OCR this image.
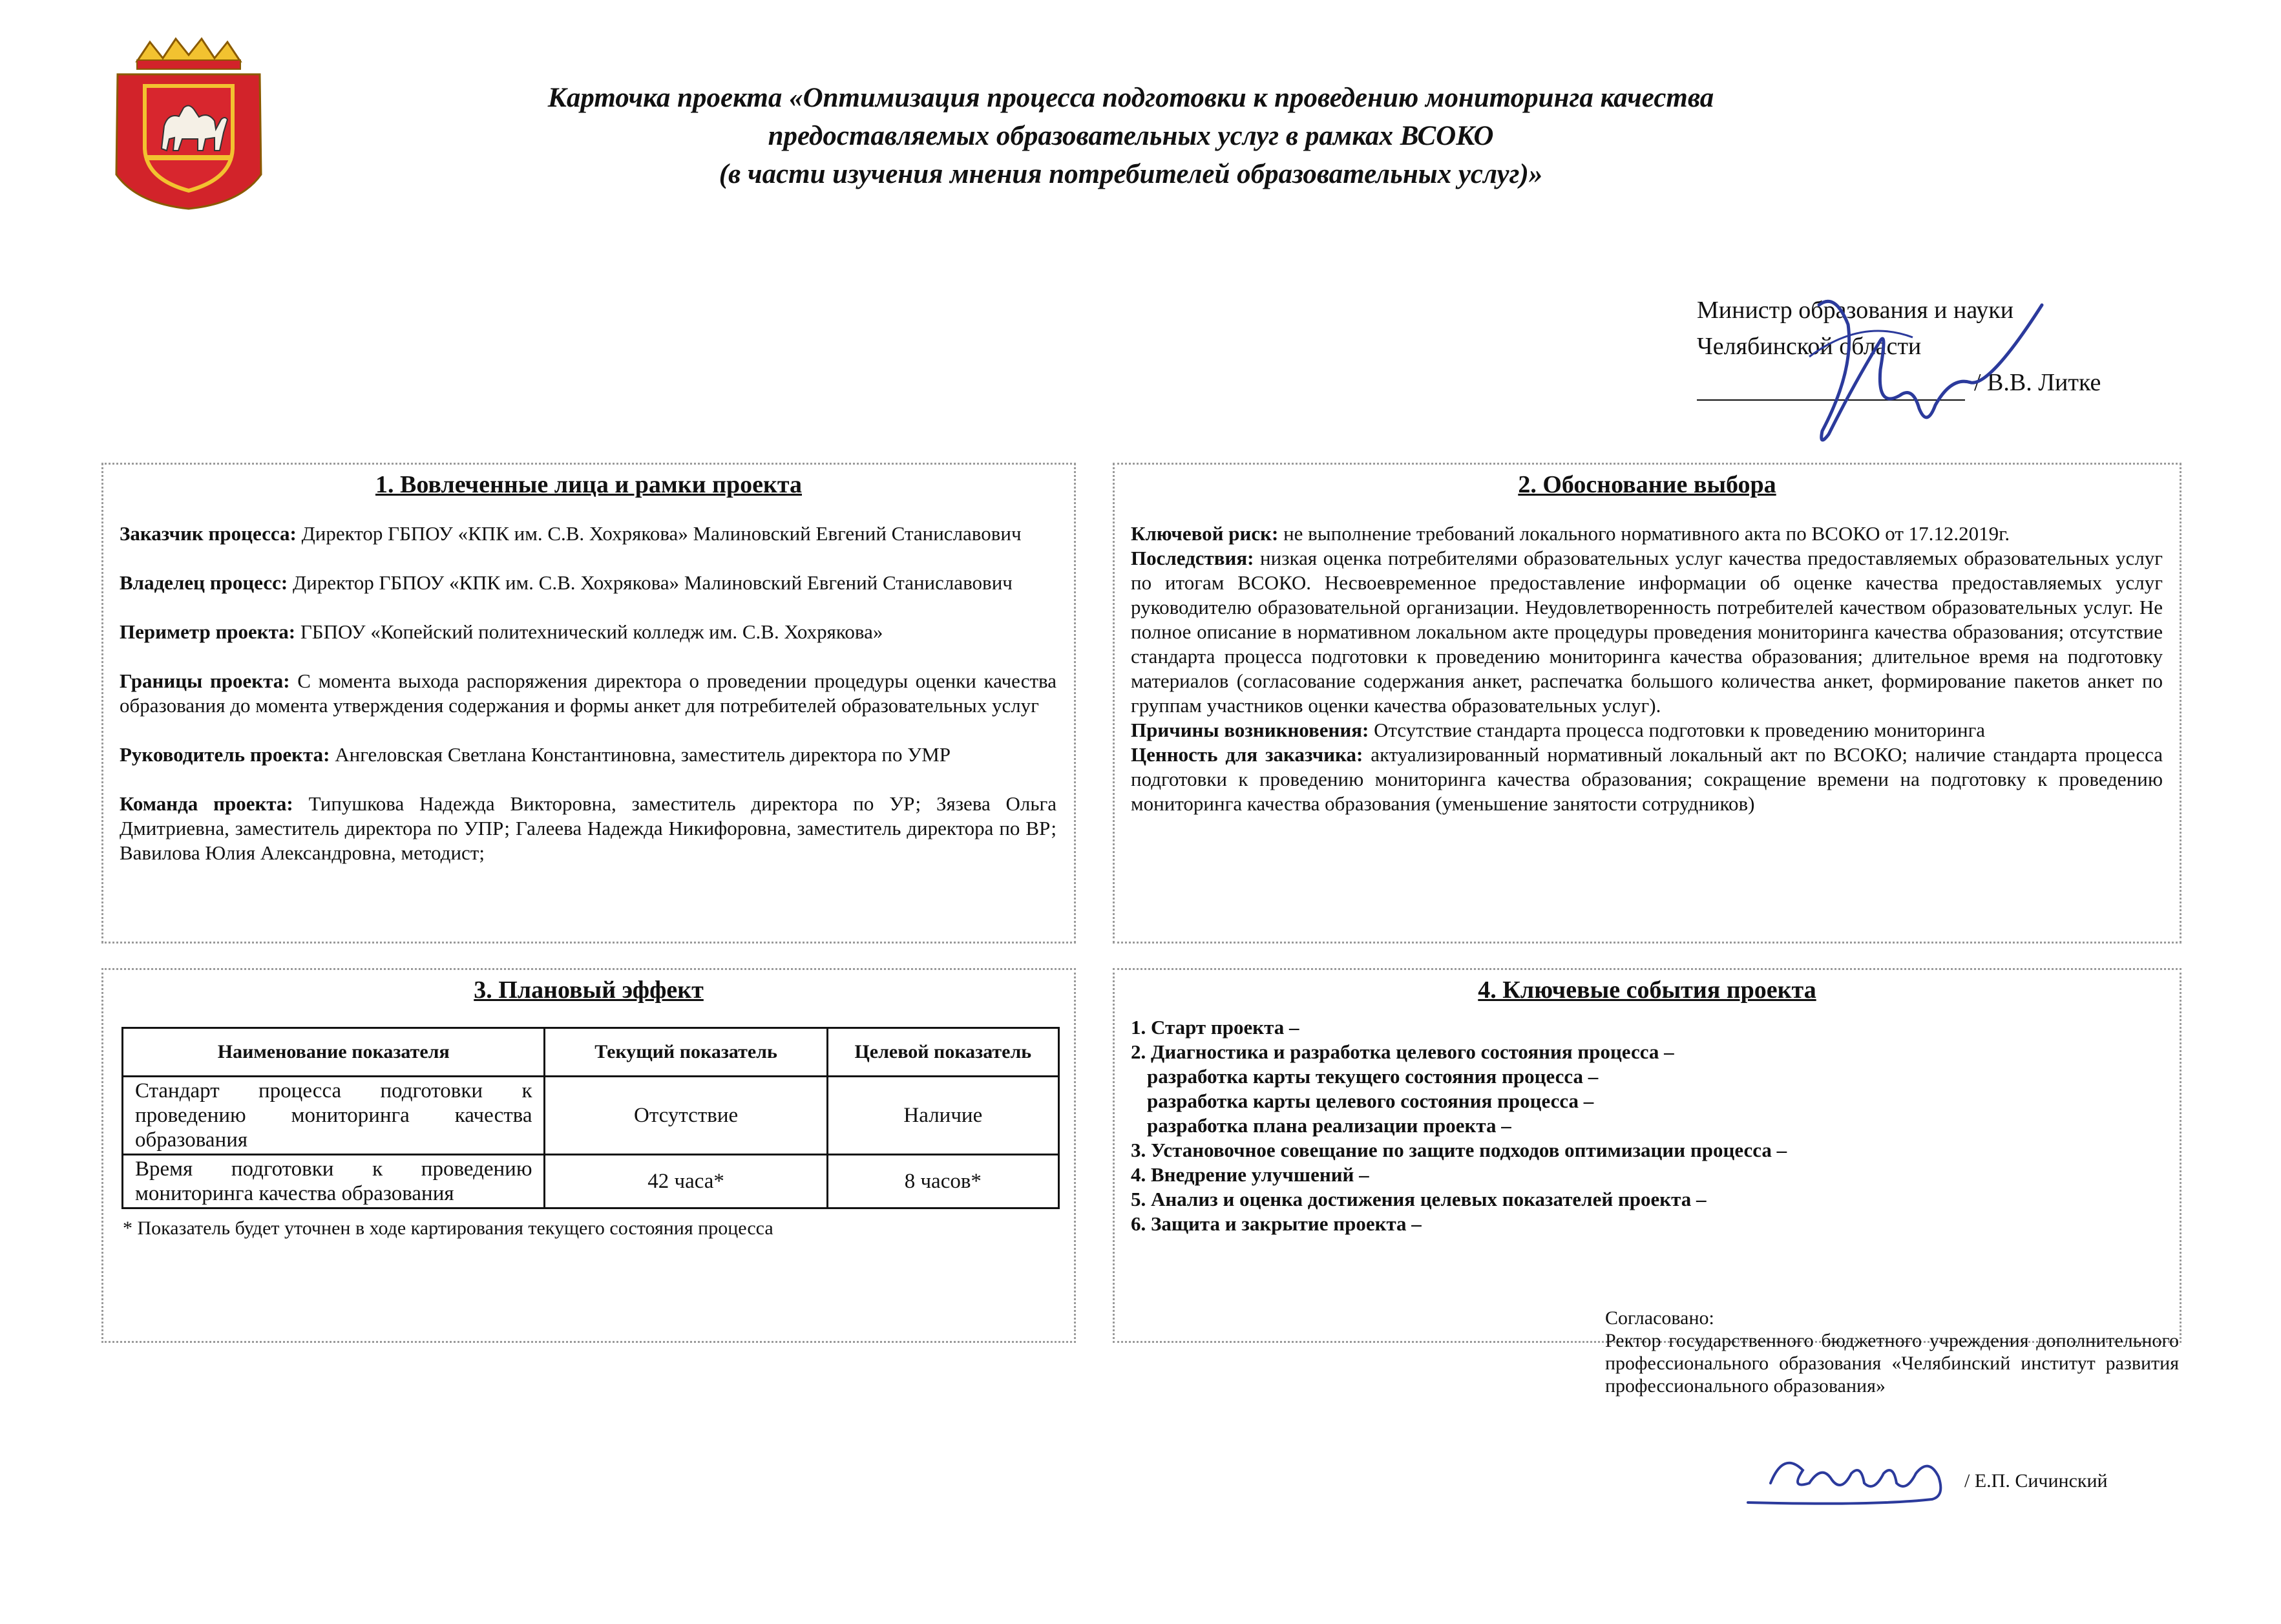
Карточка проекта «Оптимизация процесса подготовки к проведению мониторинга качества
предоставляемых образовательных услуг в рамках ВСОКО
(в части изучения мнения потребителей образовательных услуг)»
Министр образования и науки
Челябинской области
/ В.В. Литке
1. Вовлеченные лица и рамки проекта

Заказчик процесса: Директор ГБПОУ «КПК им. С.В. Хохрякова» Малиновский Евгений Станиславович

Владелец процесс: Директор ГБПОУ «КПК им. С.В. Хохрякова» Малиновский Евгений Станиславович

Периметр проекта: ГБПОУ «Копейский политехнический колледж им. С.В. Хохрякова»

Границы проекта: С момента выхода распоряжения директора о проведении процедуры оценки качества образования до момента утверждения содержания и формы анкет для потребителей образовательных услуг

Руководитель проекта: Ангеловская Светлана Константиновна, заместитель директора по УМР

Команда проекта: Типушкова Надежда Викторовна, заместитель директора по УР; Зязева Ольга Дмитриевна, заместитель директора по УПР; Галеева Надежда Никифоровна, заместитель директора по ВР; Вавилова Юлия Александровна, методист;

2. Обоснование выбора

Ключевой риск: не выполнение требований локального нормативного акта по ВСОКО от 17.12.2019г.

Последствия: низкая оценка потребителями образовательных услуг качества предоставляемых образовательных услуг по итогам ВСОКО. Несвоевременное предоставление информации об оценке качества предоставляемых услуг руководителю образовательной организации. Неудовлетворенность потребителей качеством образовательных услуг. Не полное описание в нормативном локальном акте процедуры проведения мониторинга качества образования; отсутствие стандарта процесса подготовки к проведению мониторинга качества образования; длительное время на подготовку материалов (согласование содержания анкет, распечатка большого количества анкет, формирование пакетов анкет по группам участников оценки качества образовательных услуг).

Причины возникновения: Отсутствие стандарта процесса подготовки к проведению мониторинга

Ценность для заказчика: актуализированный нормативный локальный акт по ВСОКО; наличие стандарта процесса подготовки к проведению мониторинга качества образования; сокращение времени на подготовку к проведению мониторинга качества образования (уменьшение занятости сотрудников)

3. Плановый эффект
Наименование показателя	Текущий показатель	Целевой показатель
Стандарт процесса подготовки к проведению мониторинга качества образования	Отсутствие	Наличие
Время подготовки к проведению мониторинга качества образования	42 часа*	8 часов*
* Показатель будет уточнен в ходе картирования текущего состояния процесса
4. Ключевые события проекта
1. Старт проекта –
2. Диагностика и разработка целевого состояния процесса –
разработка карты текущего состояния процесса –
разработка карты целевого состояния процесса –
разработка плана реализации проекта –
3. Установочное совещание по защите подходов оптимизации процесса –
4. Внедрение улучшений –
5. Анализ и оценка достижения целевых показателей проекта –
6. Защита и закрытие проекта –

Согласовано:

Ректор государственного бюджетного учреждения дополнительного профессионального образования «Челябинский институт развития профессионального образования»

/ Е.П. Сичинский
